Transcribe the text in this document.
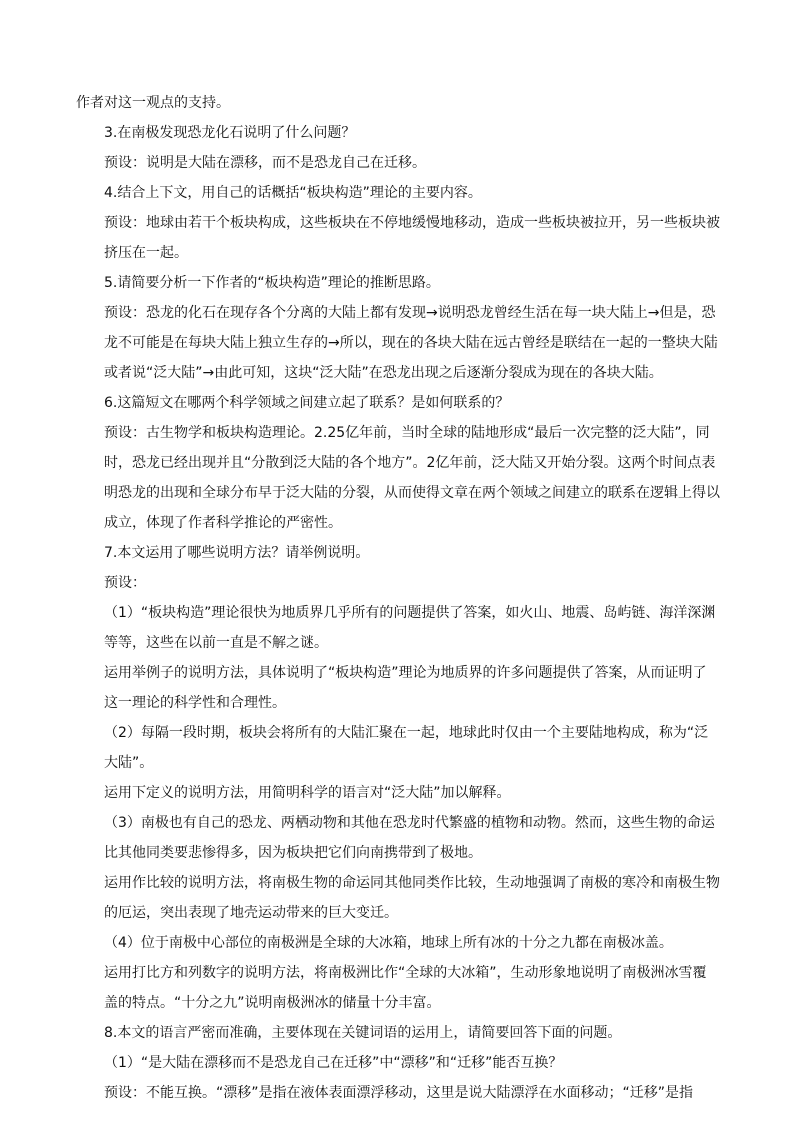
作者对这一观点的支持。

3.在南极发现恐龙化石说明了什么问题？

预设：说明是大陆在漂移，而不是恐龙自己在迁移。

4.结合上下文，用自己的话概括“板块构造”理论的主要内容。

预设：地球由若干个板块构成，这些板块在不停地缓慢地移动，造成一些板块被拉开，另一些板块被挤压在一起。

5.请简要分析一下作者的“板块构造”理论的推断思路。

预设：恐龙的化石在现存各个分离的大陆上都有发现→说明恐龙曾经生活在每一块大陆上→但是，恐龙不可能是在每块大陆上独立生存的→所以，现在的各块大陆在远古曾经是联结在一起的一整块大陆或者说“泛大陆”→由此可知，这块“泛大陆”在恐龙出现之后逐渐分裂成为现在的各块大陆。

6.这篇短文在哪两个科学领域之间建立起了联系？是如何联系的？

预设：古生物学和板块构造理论。2.25亿年前，当时全球的陆地形成“最后一次完整的泛大陆”，同时，恐龙已经出现并且“分散到泛大陆的各个地方”。2亿年前，泛大陆又开始分裂。这两个时间点表明恐龙的出现和全球分布早于泛大陆的分裂，从而使得文章在两个领域之间建立的联系在逻辑上得以成立，体现了作者科学推论的严密性。

7.本文运用了哪些说明方法？请举例说明。

预设：

（1）“板块构造”理论很快为地质界几乎所有的问题提供了答案，如火山、地震、岛屿链、海洋深渊等等，这些在以前一直是不解之谜。

运用举例子的说明方法，具体说明了“板块构造”理论为地质界的许多问题提供了答案，从而证明了这一理论的科学性和合理性。

（2）每隔一段时期，板块会将所有的大陆汇聚在一起，地球此时仅由一个主要陆地构成，称为“泛大陆”。

运用下定义的说明方法，用简明科学的语言对“泛大陆”加以解释。

（3）南极也有自己的恐龙、两栖动物和其他在恐龙时代繁盛的植物和动物。然而，这些生物的命运比其他同类要悲惨得多，因为板块把它们向南携带到了极地。

运用作比较的说明方法，将南极生物的命运同其他同类作比较，生动地强调了南极的寒冷和南极生物的厄运，突出表现了地壳运动带来的巨大变迁。

（4）位于南极中心部位的南极洲是全球的大冰箱，地球上所有冰的十分之九都在南极冰盖。

运用打比方和列数字的说明方法，将南极洲比作“全球的大冰箱”，生动形象地说明了南极洲冰雪覆盖的特点。“十分之九”说明南极洲冰的储量十分丰富。

8.本文的语言严密而准确，主要体现在关键词语的运用上，请简要回答下面的问题。

（1）“是大陆在漂移而不是恐龙自己在迁移”中“漂移”和“迁移”能否互换？

预设：不能互换。“漂移”是指在液体表面漂浮移动，这里是说大陆漂浮在水面移动；“迁移”是指
